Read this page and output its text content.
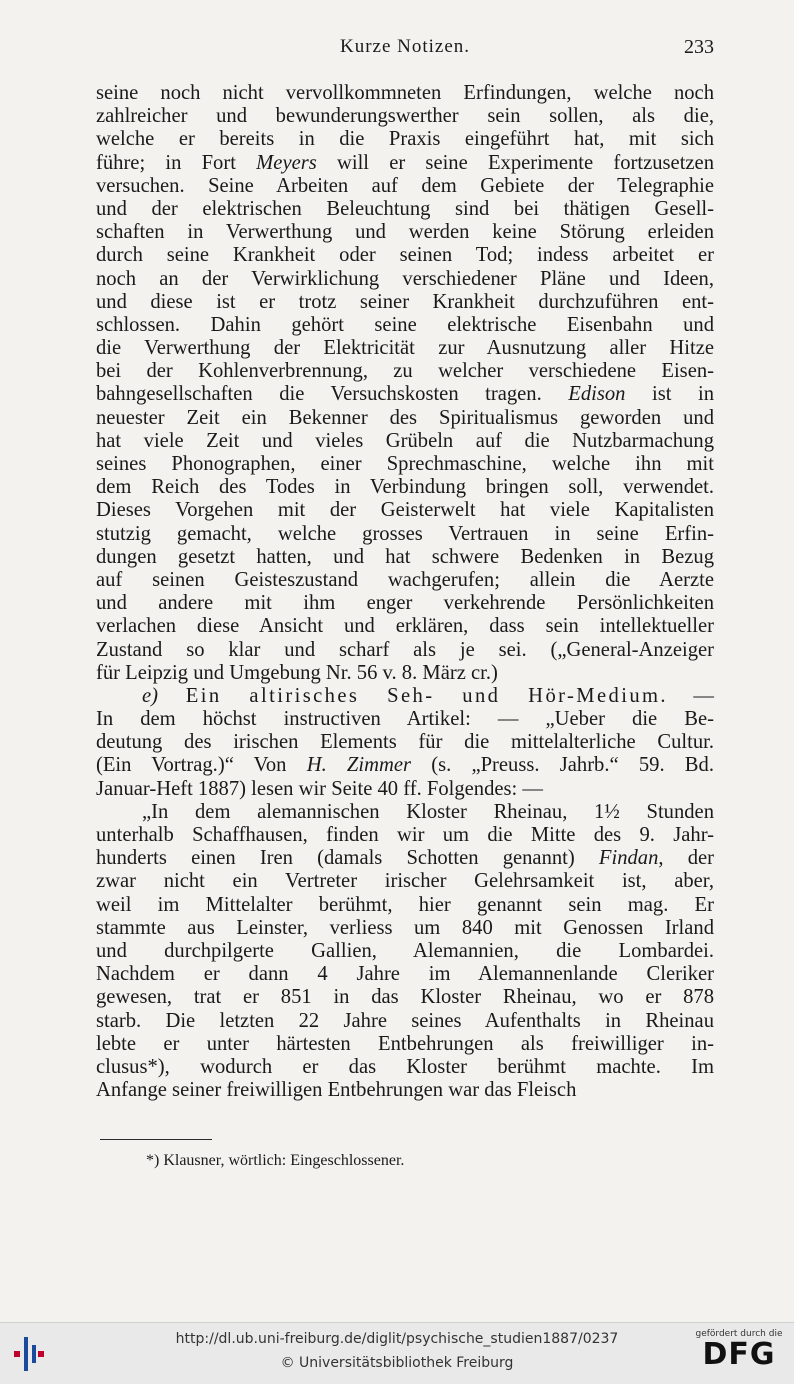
Kurze Notizen.	233
seine noch nicht vervollkommneten Erfindungen, welche noch
zahlreicher und bewunderungswerther sein sollen, als die,
welche er bereits in die Praxis eingeführt hat, mit sich
führe; in Fort Meyers will er seine Experimente fortzusetzen
versuchen. Seine Arbeiten auf dem Gebiete der Telegraphie
und der elektrischen Beleuchtung sind bei thätigen Gesell-
schaften in Verwerthung und werden keine Störung erleiden
durch seine Krankheit oder seinen Tod; indess arbeitet er
noch an der Verwirklichung verschiedener Pläne und Ideen,
und diese ist er trotz seiner Krankheit durchzuführen ent-
schlossen. Dahin gehört seine elektrische Eisenbahn und
die Verwerthung der Elektricität zur Ausnutzung aller Hitze
bei der Kohlenverbrennung, zu welcher verschiedene Eisen-
bahngesellschaften die Versuchskosten tragen. Edison ist in
neuester Zeit ein Bekenner des Spiritualismus geworden und
hat viele Zeit und vieles Grübeln auf die Nutzbarmachung
seines Phonographen, einer Sprechmaschine, welche ihn mit
dem Reich des Todes in Verbindung bringen soll, verwendet.
Dieses Vorgehen mit der Geisterwelt hat viele Kapitalisten
stutzig gemacht, welche grosses Vertrauen in seine Erfin-
dungen gesetzt hatten, und hat schwere Bedenken in Bezug
auf seinen Geisteszustand wachgerufen; allein die Aerzte
und andere mit ihm enger verkehrende Persönlichkeiten
verlachen diese Ansicht und erklären, dass sein intellektueller
Zustand so klar und scharf als je sei. („General-Anzeiger
für Leipzig und Umgebung Nr. 56 v. 8. März cr.)
e) Ein altirisches Seh- und Hör-Medium. —
In dem höchst instructiven Artikel: — „Ueber die Be-
deutung des irischen Elements für die mittelalterliche Cultur.
(Ein Vortrag.)“ Von H. Zimmer (s. „Preuss. Jahrb.“ 59. Bd.
Januar-Heft 1887) lesen wir Seite 40 ff. Folgendes: —
„In dem alemannischen Kloster Rheinau, 1½ Stunden
unterhalb Schaffhausen, finden wir um die Mitte des 9. Jahr-
hunderts einen Iren (damals Schotten genannt) Findan, der
zwar nicht ein Vertreter irischer Gelehrsamkeit ist, aber,
weil im Mittelalter berühmt, hier genannt sein mag. Er
stammte aus Leinster, verliess um 840 mit Genossen Irland
und durchpilgerte Gallien, Alemannien, die Lombardei.
Nachdem er dann 4 Jahre im Alemannenlande Cleriker
gewesen, trat er 851 in das Kloster Rheinau, wo er 878
starb. Die letzten 22 Jahre seines Aufenthalts in Rheinau
lebte er unter härtesten Entbehrungen als freiwilliger in-
clusus*), wodurch er das Kloster berühmt machte. Im
Anfange seiner freiwilligen Entbehrungen war das Fleisch
*) Klausner, wörtlich: Eingeschlossener.
http://dl.ub.uni-freiburg.de/diglit/psychische_studien1887/0237
© Universitätsbibliothek Freiburg
gefördert durch die
DFG
